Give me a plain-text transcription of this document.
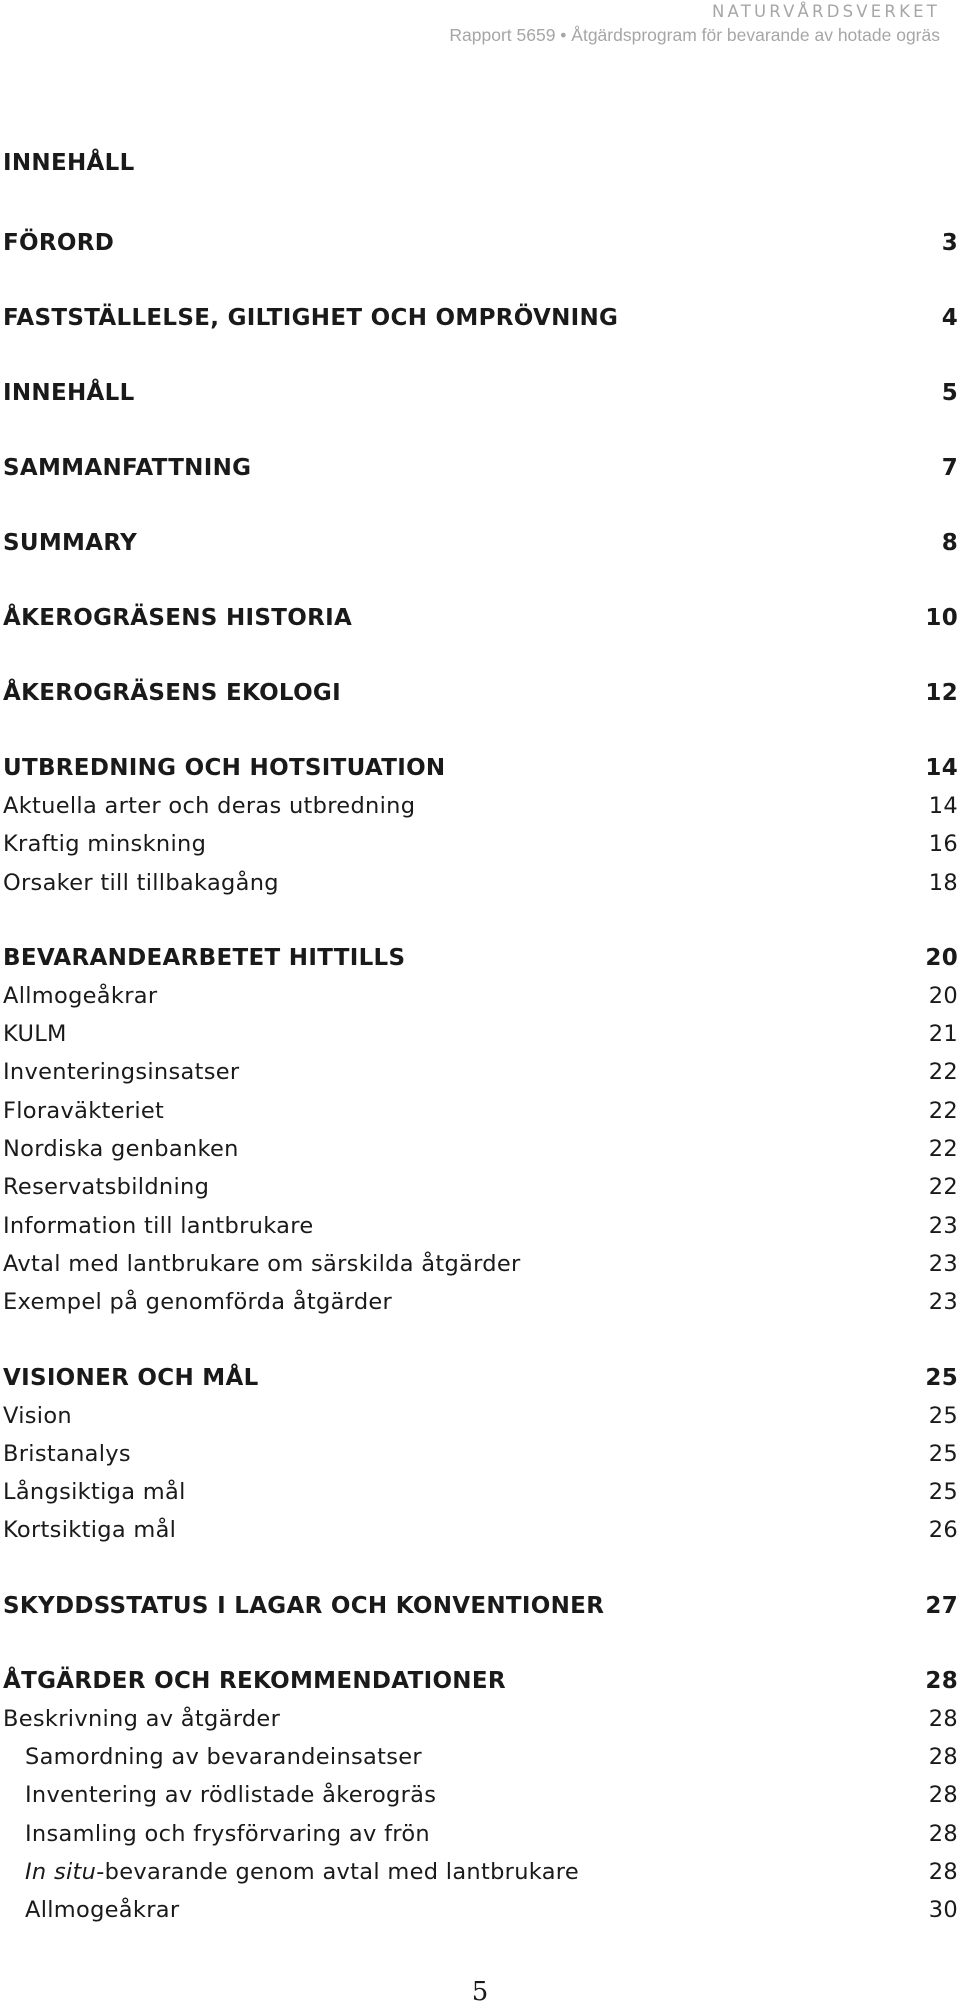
NATURVÅRDSVERKET
Rapport 5659 • Åtgärdsprogram för bevarande av hotade ogräs
INNEHÅLL
FÖRORD	3
FASTSTÄLLELSE, GILTIGHET OCH OMPRÖVNING	4
INNEHÅLL	5
SAMMANFATTNING	7
SUMMARY	8
ÅKEROGRÄSENS HISTORIA	10
ÅKEROGRÄSENS EKOLOGI	12
UTBREDNING OCH HOTSITUATION	14
Aktuella arter och deras utbredning	14
Kraftig minskning	16
Orsaker till tillbakagång	18
BEVARANDEARBETET HITTILLS	20
Allmogeåkrar	20
KULM	21
Inventeringsinsatser	22
Floraväkteriet	22
Nordiska genbanken	22
Reservatsbildning	22
Information till lantbrukare	23
Avtal med lantbrukare om särskilda åtgärder	23
Exempel på genomförda åtgärder	23
VISIONER OCH MÅL	25
Vision	25
Bristanalys	25
Långsiktiga mål	25
Kortsiktiga mål	26
SKYDDSSTATUS I LAGAR OCH KONVENTIONER	27
ÅTGÄRDER OCH REKOMMENDATIONER	28
Beskrivning av åtgärder	28
Samordning av bevarandeinsatser	28
Inventering av rödlistade åkerogräs	28
Insamling och frysförvaring av frön	28
In situ-bevarande genom avtal med lantbrukare	28
Allmogeåkrar	30
5
